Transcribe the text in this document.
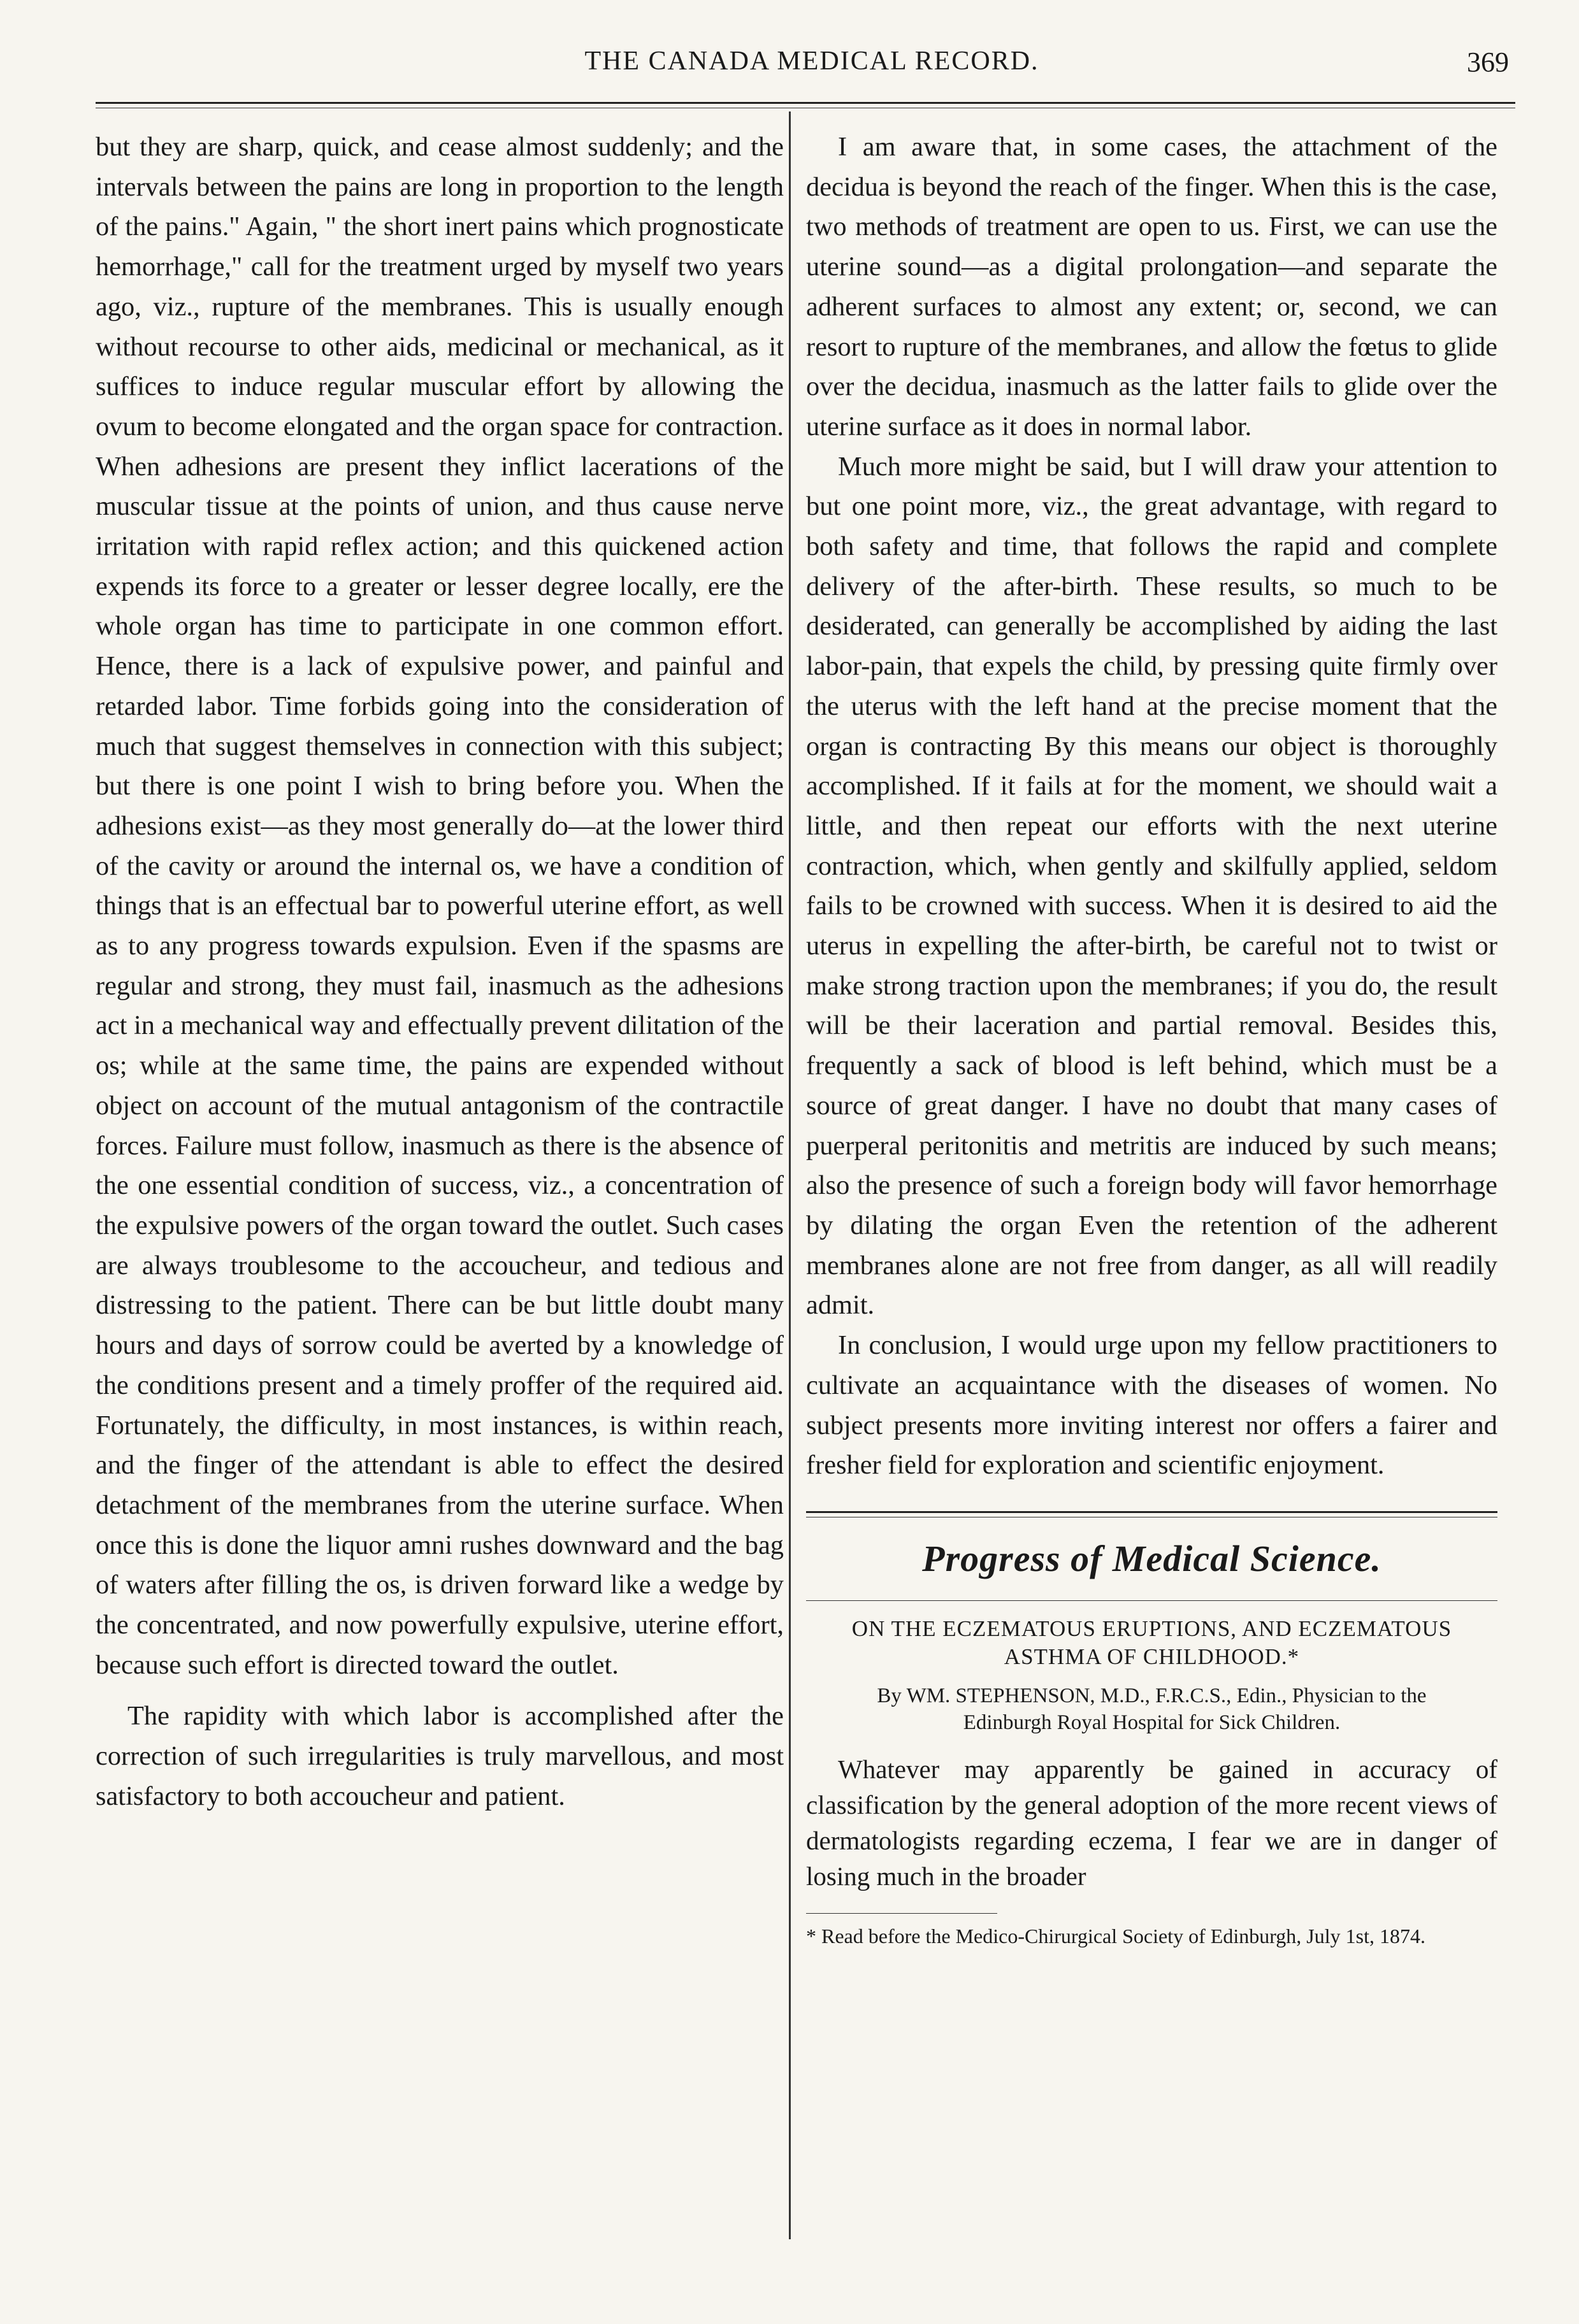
THE CANADA MEDICAL RECORD.	369

but they are sharp, quick, and cease almost suddenly; and the intervals between the pains are long in proportion to the length of the pains." Again, " the short inert pains which prognosticate hemorrhage," call for the treatment urged by myself two years ago, viz., rupture of the membranes. This is usually enough without recourse to other aids, medicinal or mechanical, as it suffices to induce regular muscular effort by allowing the ovum to become elongated and the organ space for contraction. When adhesions are present they inflict lacerations of the muscular tissue at the points of union, and thus cause nerve irritation with rapid reflex action; and this quickened action expends its force to a greater or lesser degree locally, ere the whole organ has time to participate in one common effort. Hence, there is a lack of expulsive power, and painful and retarded labor. Time forbids going into the consideration of much that suggest themselves in connection with this subject; but there is one point I wish to bring before you. When the adhesions exist—as they most generally do—at the lower third of the cavity or around the internal os, we have a condition of things that is an effectual bar to powerful uterine effort, as well as to any progress towards expulsion. Even if the spasms are regular and strong, they must fail, inasmuch as the adhesions act in a mechanical way and effectually prevent dilitation of the os; while at the same time, the pains are expended without object on account of the mutual antagonism of the contractile forces. Failure must follow, inasmuch as there is the absence of the one essential condition of success, viz., a concentration of the expulsive powers of the organ toward the outlet. Such cases are always troublesome to the accoucheur, and tedious and distressing to the patient. There can be but little doubt many hours and days of sorrow could be averted by a knowledge of the conditions present and a timely proffer of the required aid. Fortunately, the difficulty, in most instances, is within reach, and the finger of the attendant is able to effect the desired detachment of the membranes from the uterine surface. When once this is done the liquor amni rushes downward and the bag of waters after filling the os, is driven forward like a wedge by the concentrated, and now powerfully expulsive, uterine effort, because such effort is directed toward the outlet.

The rapidity with which labor is accomplished after the correction of such irregularities is truly marvellous, and most satisfactory to both accoucheur and patient.

I am aware that, in some cases, the attachment of the decidua is beyond the reach of the finger. When this is the case, two methods of treatment are open to us. First, we can use the uterine sound—as a digital prolongation—and separate the adherent surfaces to almost any extent; or, second, we can resort to rupture of the membranes, and allow the fœtus to glide over the decidua, inasmuch as the latter fails to glide over the uterine surface as it does in normal labor.

Much more might be said, but I will draw your attention to but one point more, viz., the great advantage, with regard to both safety and time, that follows the rapid and complete delivery of the after-birth. These results, so much to be desiderated, can generally be accomplished by aiding the last labor-pain, that expels the child, by pressing quite firmly over the uterus with the left hand at the precise moment that the organ is contracting By this means our object is thoroughly accomplished. If it fails at for the moment, we should wait a little, and then repeat our efforts with the next uterine contraction, which, when gently and skilfully applied, seldom fails to be crowned with success. When it is desired to aid the uterus in expelling the after-birth, be careful not to twist or make strong traction upon the membranes; if you do, the result will be their laceration and partial removal. Besides this, frequently a sack of blood is left behind, which must be a source of great danger. I have no doubt that many cases of puerperal peritonitis and metritis are induced by such means; also the presence of such a foreign body will favor hemorrhage by dilating the organ Even the retention of the adherent membranes alone are not free from danger, as all will readily admit.

In conclusion, I would urge upon my fellow practitioners to cultivate an acquaintance with the diseases of women. No subject presents more inviting interest nor offers a fairer and fresher field for exploration and scientific enjoyment.

Progress of Medical Science.
ON THE ECZEMATOUS ERUPTIONS, AND ECZEMATOUS ASTHMA OF CHILDHOOD.*
By WM. STEPHENSON, M.D., F.R.C.S., Edin., Physician to the
Edinburgh Royal Hospital for Sick Children.

Whatever may apparently be gained in accuracy of classification by the general adoption of the more recent views of dermatologists regarding eczema, I fear we are in danger of losing much in the broader

* Read before the Medico-Chirurgical Society of Edinburgh, July 1st, 1874.
